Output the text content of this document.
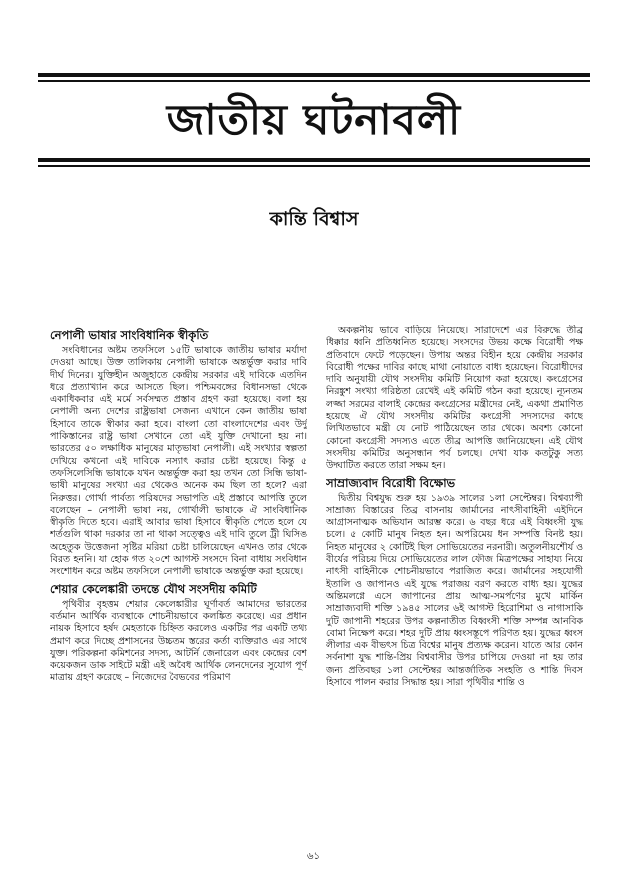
জাতীয় ঘটনাবলী
কান্তি বিশ্বাস
নেপালী ভাষার সাংবিধানিক স্বীকৃতি

সংবিধানের অষ্টম তফসিলে ১৫টি ভাষাকে জাতীয় ভাষার মর্যাদা দেওয়া আছে। উক্ত তালিকায় নেপালী ভাষাকে অন্তর্ভুক্ত করার দাবি দীর্ঘ দিনের। যুক্তিহীন অজুহাতে কেন্দ্রীয় সরকার এই দাবিকে এতদিন ধরে প্রত্যাখ্যান করে আসতে ছিল। পশ্চিমবঙ্গের বিধানসভা থেকে একাধিকবার এই মর্মে সর্বসম্মত প্রস্তাব গ্রহণ করা হয়েছে। বলা হয় নেপালী অন্য দেশের রাষ্ট্রভাষা সেজন্য এখানে কেন জাতীয় ভাষা হিসাবে তাকে স্বীকার করা হবে। বাংলা তো বাংলাদেশের এবং উর্দু পাকিস্তানের রাষ্ট্র ভাষা সেখানে তো এই যুক্তি দেখানো হয় না। ভারতের ৫০ লক্ষাধিক মানুষের মাতৃভাষা নেপালী। এই সংখ্যার স্বল্পতা দেখিয়ে কখনো এই দাবিকে নস্যাৎ করার চেষ্টা হয়েছে। কিন্তু ৫ তফসিলেসিন্ধি ভাষাকে যখন অন্তর্ভুক্ত করা হয় তখন তো সিন্ধি ভাষা-ভাষী মানুষের সংখ্যা এর থেকেও অনেক কম ছিল তা হলে? এরা নিরুত্তর। গোর্খা পার্বত্য পরিষদের সভাপতি এই প্রস্তাবে আপত্তি তুলে বলেছেন – নেপালী ভাষা নয়, গোর্খালী ভাষাকে ঐ সাংবিধানিক স্বীকৃতি দিতে হবে। এরাই আবার ভাষা হিসাবে স্বীকৃতি পেতে হলে যে শর্তগুলি থাকা দরকার তা না থাকা সত্ত্বেও এই দাবি তুলে ট্রী ঘিসিঙ অহেতুক উত্তেজনা সৃষ্টির মরিয়া চেষ্টা চালিয়েছেন এখনও তার থেকে বিরত হননি। যা হোক গত ২০শে আগস্ট সংসদে বিনা বাধায় সংবিধান সংশোধন করে অষ্টম তফসিলে নেপালী ভাষাকে অন্তর্ভুক্ত করা হয়েছে।

শেয়ার কেলেঙ্কারী তদন্তে যৌথ সংসদীয় কমিটি

পৃথিবীর বৃহত্তম শেয়ার কেলেঙ্কারীর ঘূর্ণাবর্ত আমাদের ভারতের বর্তমান আর্থিক ব্যবস্থাকে শোচনীয়ভাবে কলঙ্কিত করেছে। এর প্রধান নায়ক হিসাবে হর্ষদ মেহতাকে চিহ্নিত করলেও একটির পর একটি তথ্য প্রমাণ করে দিচ্ছে প্রশাসনের উচ্চতম স্তরের কর্তা ব্যক্তিরাও এর সাথে যুক্ত। পরিকল্পনা কমিশনের সদস্য, আটর্নি জেনারেল এবং কেন্দ্রের বেশ কয়েকজন ডাক সাইটে মন্ত্রী এই অবৈধ আর্থিক লেনদেনের সুযোগ পূর্ণ মাত্রায় গ্রহণ করেছে – নিজেদের বৈভবের পরিমাণ

অকল্পনীয় ভাবে বাড়িয়ে নিয়েছে। সারাদেশে এর বিরুদ্ধে তীব্র ধিক্কার ধ্বনি প্রতিধ্বনিত হয়েছে। সংসদের উভয় কক্ষে বিরোধী পক্ষ প্রতিবাদে ফেটে পড়েছেন। উপায় অন্তর বিহীন হয়ে কেন্দ্রীয় সরকার বিরোধী পক্ষের দাবির কাছে মাথা নোয়াতে বাধ্য হয়েছেন। বিরোধীদের দাবি অনুযায়ী যৌথ সংসদীয় কমিটি নিয়োগ করা হয়েছে। কংগ্রেসের নিরঙ্কুশ সংখ্যা গরিষ্ঠতা রেখেই এই কমিটি গঠন করা হয়েছে। ন্যূনতম লজ্জা সরমের বালাই কেন্দ্রের কংগ্রেসের মন্ত্রীদের নেই, একথা প্রমাণিত হয়েছে ঐ যৌথ সংসদীয় কমিটির কংগ্রেসী সদস্যদের কাছে লিখিতভাবে মন্ত্রী যে নোট পাঠিয়েছেন তার থেকে। অবশ্য কোনো কোনো কংগ্রেসী সদস্যও এতে তীব্র আপত্তি জানিয়েছেন। এই যৌথ সংসদীয় কমিটির অনুসন্ধান পর্ব চলছে। দেখা যাক কতটুকু সত্য উদ্ঘাটিত করতে তারা সক্ষম হন।

সাম্রাজ্যবাদ বিরোধী বিক্ষোভ

দ্বিতীয় বিশ্বযুদ্ধ শুরু হয় ১৯৩৯ সালের ১লা সেপ্টেম্বর। বিশ্বব্যাপী সাম্রাজ্য বিস্তারের তিব্র বাসনায় জার্মানের নাৎসীবাহিনী এইদিনে আগ্রাসনাত্মক অভিযান আরম্ভ করে। ৬ বছর ধরে এই বিধ্বংসী যুদ্ধ চলে। ৫ কোটি মানুষ নিহত হন। অপরিমেয় ধন সম্পত্তি বিনষ্ট হয়। নিহত মানুষের ২ কোটিই ছিল সোভিয়েতের নরনারী। অতুলনীয়শৌর্য ও বীর্যের পরিচয় দিয়ে সোভিয়েতের লাল ফৌজ মিত্রপক্ষের সাহায্য নিয়ে নাৎসী বাহিনীকে শোচনীয়ভাবে পরাজিত করে। জার্মানের সহযোগী ইতালি ও জাপানও এই যুদ্ধে পরাজয় বরণ করতে বাধ্য হয়। যুদ্ধের অন্তিমলগ্নে এসে জাপানের প্রায় আত্ম-সমর্পণের মুখে মার্কিন সাম্রাজ্যবাদী শক্তি ১৯৪৫ সালের ৬ই আগস্ট হিরোশিমা ও নাগাসাকি দুটি জাপানী শহরের উপর কল্পনাতীত বিধ্বংসী শক্তি সম্পন্ন আনবিক বোমা নিক্ষেপ করে। শহর দুটি প্রায় ধ্বংসস্তূপে পরিণত হয়। যুদ্ধের ধ্বংস লীলার এক বীভৎস চিত্র বিশ্বের মানুষ প্রত্যক্ষ করেন। যাতে আর কোন সর্বনাশা যুদ্ধ শান্তি-প্রিয় বিশ্ববাসীর উপর চাপিয়ে দেওয়া না হয় তার জন্য প্রতিবছর ১লা সেপ্টেম্বর আন্তর্জাতিক সংহতি ও শান্তি দিবস হিসাবে পালন করার সিদ্ধান্ত হয়। সারা পৃথিবীর শান্তি ও

৬১
